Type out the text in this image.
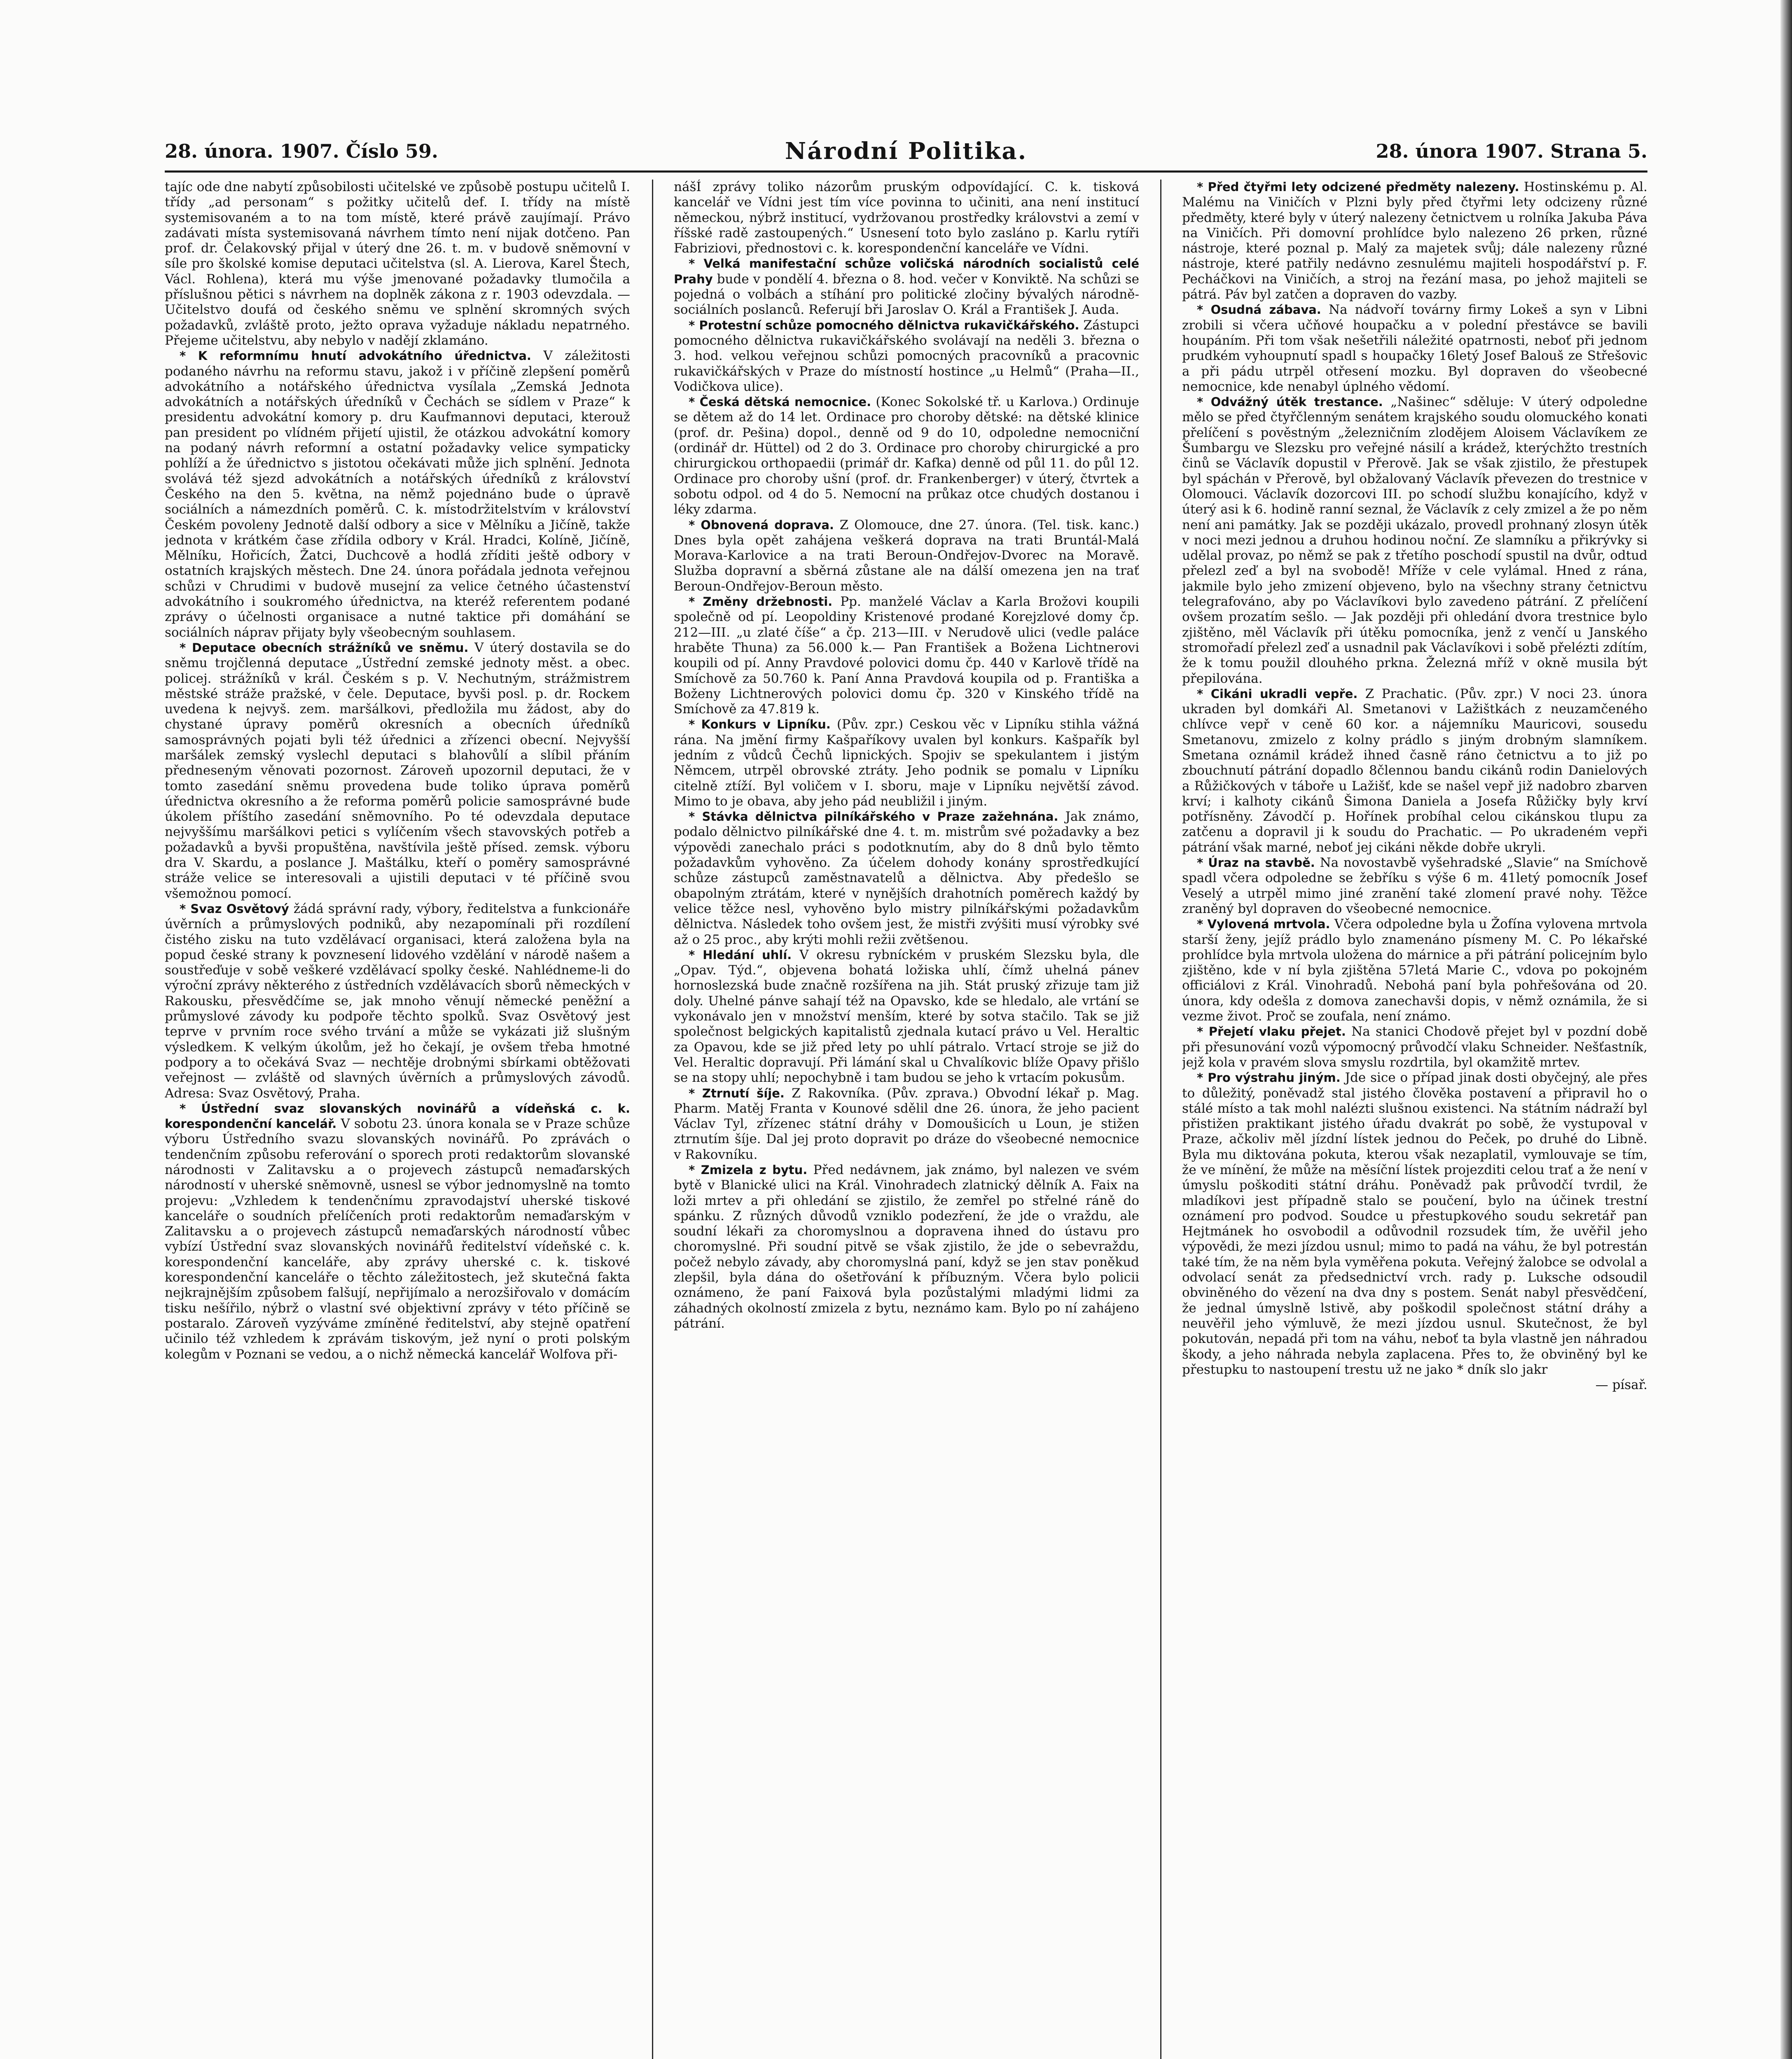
28. února. 1907. Číslo 59.	Národní Politika.	28. února 1907. Strana 5.

tajíc ode dne nabytí způsobilosti učitelské ve způsobě postupu učitelů I. třídy „ad personam“ s požitky učitelů def. I. třídy na místě systemisovaném a to na tom místě, které právě zaujímají. Právo zadávati místa systemisovaná návrhem tímto není nijak dotčeno. Pan prof. dr. Čelakovský přijal v úterý dne 26. t. m. v budově sněmovní v síle pro školské komise deputaci učitelstva (sl. A. Lierova, Karel Štech, Václ. Rohlena), která mu výše jmenované požadavky tlumočila a příslušnou pětici s návrhem na doplněk zákona z r. 1903 odevzdala. — Učitelstvo doufá od českého sněmu ve splnění skromných svých požadavků, zvláště proto, ježto oprava vyžaduje nákladu nepatrného. Přejeme učitelstvu, aby nebylo v nadějí zklamáno.

* K reformnímu hnutí advokátního úřednictva. V záležitosti podaného návrhu na reformu stavu, jakož i v příčině zlepšení poměrů advokátního a notářského úřednictva vysílala „Zemská Jednota advokátních a notářských úředníků v Čechách se sídlem v Praze“ k presidentu advokátní komory p. dru Kaufmannovi deputaci, kterouž pan president po vlídném přijetí ujistil, že otázkou advokátní komory na podaný návrh reformní a ostatní požadavky velice sympaticky pohlíží a že úřednictvo s jistotou očekávati může jich splnění. Jednota svolává též sjezd advokátních a notářských úředníků z království Českého na den 5. května, na němž pojednáno bude o úpravě sociálních a námezdních poměrů. C. k. místodržitelstvím v království Českém povoleny Jednotě další odbory a sice v Mělníku a Jičíně, takže jednota v krátkém čase zřídila odbory v Král. Hradci, Kolíně, Jičíně, Mělníku, Hořicích, Žatci, Duchcově a hodlá zříditi ještě odbory v ostatních krajských městech. Dne 24. února pořádala jednota veřejnou schůzi v Chrudimi v budově musejní za velice četného účastenství advokátního i soukromého úřednictva, na kteréž referentem podané zprávy o účelnosti organisace a nutné taktice při domáhání se sociálních náprav přijaty byly všeobecným souhlasem.

* Deputace obecních strážníků ve sněmu. V úterý dostavila se do sněmu trojčlenná deputace „Ústřední zemské jednoty měst. a obec. policej. strážníků v král. Českém s p. V. Nechutným, strážmistrem městské stráže pražské, v čele. Deputace, byvši posl. p. dr. Rockem uvedena k nejvyš. zem. maršálkovi, předložila mu žádost, aby do chystané úpravy poměrů okresních a obecních úředníků samosprávných pojati byli též úřednici a zřízenci obecní. Nejvyšší maršálek zemský vyslechl deputaci s blahovůlí a slíbil přáním předneseným věnovati pozornost. Zároveň upozornil deputaci, že v tomto zasedání sněmu provedena bude toliko úprava poměrů úřednictva okresního a že reforma poměrů policie samosprávné bude úkolem příštího zasedání sněmovního. Po té odevzdala deputace nejvyššímu maršálkovi petici s vylíčením všech stavovských potřeb a požadavků a byvši propuštěna, navštívila ještě přísed. zemsk. výboru dra V. Skardu, a poslance J. Maštálku, kteří o poměry samosprávné stráže velice se interesovali a ujistili deputaci v té příčině svou všemožnou pomocí.

* Svaz Osvětový žádá správní rady, výbory, ředitelstva a funkcionáře úvěrních a průmyslových podniků, aby nezapomínali při rozdílení čistého zisku na tuto vzdělávací organisaci, která založena byla na popud české strany k povznesení lidového vzdělání v národě našem a soustřeďuje v sobě veškeré vzdělávací spolky české. Nahlédneme-li do výroční zprávy některého z ústředních vzdělávacích sborů německých v Rakousku, přesvědčíme se, jak mnoho věnují německé peněžní a průmyslové závody ku podpoře těchto spolků. Svaz Osvětový jest teprve v prvním roce svého trvání a může se vykázati již slušným výsledkem. K velkým úkolům, jež ho čekají, je ovšem třeba hmotné podpory a to očekává Svaz — nechtěje drobnými sbírkami obtěžovati veřejnost — zvláště od slavných úvěrních a průmyslových závodů. Adresa: Svaz Osvětový, Praha.

* Ústřední svaz slovanských novinářů a vídeňská c. k. korespondenční kancelář. V sobotu 23. února konala se v Praze schůze výboru Ústředního svazu slovanských novinářů. Po zprávách o tendenčním způsobu referování o sporech proti redaktorům slovanské národnosti v Zalitavsku a o projevech zástupců nemaďarských národností v uherské sněmovně, usnesl se výbor jednomyslně na tomto projevu: „Vzhledem k tendenčnímu zpravodajství uherské tiskové kanceláře o soudních přelíčeních proti redaktorům nemaďarským v Zalitavsku a o projevech zástupců nemaďarských národností vůbec vybízí Ústřední svaz slovanských novinářů ředitelství vídeňské c. k. korespondenční kanceláře, aby zprávy uherské c. k. tiskové korespondenční kanceláře o těchto záležitostech, jež skutečná fakta nejkrajnějším způsobem falšují, nepřijímalo a nerozšiřovalo v domácím tisku nešířilo, nýbrž o vlastní své objektivní zprávy v této příčině se postaralo. Zároveň vyzýváme zmíněné ředitelství, aby stejně opatření učinilo též vzhledem k zprávám tiskovým, jež nyní o proti polským kolegům v Poznani se vedou, a o nichž německá kancelář Wolfova při-

nášÍ zprávy toliko názorům pruským odpovídající. C. k. tisková kancelář ve Vídni jest tím více povinna to učiniti, ana není institucí německou, nýbrž institucí, vydržovanou prostředky královstvi a zemí v říšské radě zastoupených.“ Usnesení toto bylo zasláno p. Karlu rytíři Fabriziovi, přednostovi c. k. korespondenční kanceláře ve Vídni.

* Velká manifestační schůze voličská národních socialistů celé Prahy bude v pondělí 4. března o 8. hod. večer v Konviktě. Na schůzi se pojedná o volbách a stíhání pro politické zločiny bývalých národně-sociálních poslanců. Referují bři Jaroslav O. Král a František J. Auda.

* Protestní schůze pomocného dělnictva rukavičkářského. Zástupci pomocného dělnictva rukavičkářského svolávají na neděli 3. března o 3. hod. velkou veřejnou schůzi pomocných pracovníků a pracovnic rukavičkářských v Praze do místností hostince „u Helmů“ (Praha—II., Vodičkova ulice).

* Česká dětská nemocnice. (Konec Sokolské tř. u Karlova.) Ordinuje se dětem až do 14 let. Ordinace pro choroby dětské: na dětské klinice (prof. dr. Pešina) dopol., denně od 9 do 10, odpoledne nemocniční (ordinář dr. Hüttel) od 2 do 3. Ordinace pro choroby chirurgické a pro chirurgickou orthopaedii (primář dr. Kafka) denně od půl 11. do půl 12. Ordinace pro choroby ušní (prof. dr. Frankenberger) v úterý, čtvrtek a sobotu odpol. od 4 do 5. Nemocní na průkaz otce chudých dostanou i léky zdarma.

* Obnovená doprava. Z Olomouce, dne 27. února. (Tel. tisk. kanc.) Dnes byla opět zahájena veškerá doprava na trati Bruntál-Malá Morava-Karlovice a na trati Beroun-Ondřejov-Dvorec na Moravě. Služba dopravní a sběrná zůstane ale na dálší omezena jen na trať Beroun-Ondřejov-Beroun město.

* Změny držebnosti. Pp. manželé Václav a Karla Brožovi koupili společně od pí. Leopoldiny Kristenové prodané Korejzlové domy čp. 212—III. „u zlaté číše“ a čp. 213—III. v Nerudově ulici (vedle paláce hraběte Thuna) za 56.000 k.— Pan František a Božena Lichtnerovi koupili od pí. Anny Pravdové polovici domu čp. 440 v Karlově třídě na Smíchově za 50.760 k. Paní Anna Pravdová koupila od p. Františka a Boženy Lichtnerových polovici domu čp. 320 v Kinského třídě na Smíchově za 47.819 k.

* Konkurs v Lipníku. (Pův. zpr.) Ceskou věc v Lipníku stihla vážná rána. Na jmění firmy Kašpaříkovy uvalen byl konkurs. Kašpařík byl jedním z vůdců Čechů lipnických. Spojiv se spekulantem i jistým Němcem, utrpěl obrovské ztráty. Jeho podnik se pomalu v Lipníku citelně ztíží. Byl voličem v I. sboru, maje v Lipníku největší závod. Mimo to je obava, aby jeho pád neubližil i jiným.

* Stávka dělnictva pilníkářského v Praze zažehnána. Jak známo, podalo dělnictvo pilníkářské dne 4. t. m. mistrům své požadavky a bez výpovědi zanechalo práci s podotknutím, aby do 8 dnů bylo těmto požadavkům vyhověno. Za účelem dohody konány sprostředkující schůze zástupců zaměstnavatelů a dělnictva. Aby předešlo se obapolným ztrátám, které v nynějších drahotních poměrech každý by velice těžce nesl, vyhověno bylo mistry pilníkářskými požadavkům dělnictva. Následek toho ovšem jest, že mistři zvýšiti musí výrobky své až o 25 proc., aby krýti mohli režii zvětšenou.

* Hledání uhlí. V okresu rybníckém v pruském Slezsku byla, dle „Opav. Týd.“, objevena bohatá ložiska uhlí, čímž uhelná pánev hornoslezská bude značně rozšířena na jih. Stát pruský zřizuje tam již doly. Uhelné pánve sahají též na Opavsko, kde se hledalo, ale vrtání se vykonávalo jen v množství menším, které by sotva stačilo. Tak se již společnost belgických kapitalistů zjednala kutací právo u Vel. Heraltic za Opavou, kde se již před lety po uhlí pátralo. Vrtací stroje se již do Vel. Heraltic dopravují. Při lámání skal u Chvalíkovic blíže Opavy přišlo se na stopy uhlí; nepochybně i tam budou se jeho k vrtacím pokusům.

* Ztrnutí šíje. Z Rakovníka. (Pův. zprava.) Obvodní lékař p. Mag. Pharm. Matěj Franta v Kounové sdělil dne 26. února, že jeho pacient Václav Tyl, zřízenec státní dráhy v Domoušicích u Loun, je stižen ztrnutím šíje. Dal jej proto dopravit po dráze do všeobecné nemocnice v Rakovníku.

* Zmizela z bytu. Před nedávnem, jak známo, byl nalezen ve svém bytě v Blanické ulici na Král. Vinohradech zlatnický dělník A. Faix na loži mrtev a při ohledání se zjistilo, že zemřel po střelné ráně do spánku. Z různých důvodů vzniklo podezření, že jde o vraždu, ale soudní lékaři za choromyslnou a dopravena ihned do ústavu pro choromyslné. Při soudní pitvě se však zjistilo, že jde o sebevraždu, počež nebylo závady, aby choromyslná paní, když se jen stav poněkud zlepšil, byla dána do ošetřování k příbuzným. Včera bylo policii oznámeno, že paní Faixová byla pozůstalými mladými lidmi za záhadných okolností zmizela z bytu, neznámo kam. Bylo po ní zahájeno pátrání.

* Před čtyřmi lety odcizené předměty nalezeny. Hostinskému p. Al. Malému na Viničích v Plzni byly před čtyřmi lety odcizeny různé předměty, které byly v úterý nalezeny četnictvem u rolníka Jakuba Páva na Viničích. Při domovní prohlídce bylo nalezeno 26 prken, různé nástroje, které poznal p. Malý za majetek svůj; dále nalezeny různé nástroje, které patřily nedávno zesnulému majiteli hospodářství p. F. Pecháčkovi na Viničích, a stroj na řezání masa, po jehož majiteli se pátrá. Páv byl zatčen a dopraven do vazby.

* Osudná zábava. Na nádvoří továrny firmy Lokeš a syn v Libni zrobili si včera učňové houpačku a v polední přestávce se bavili houpáním. Při tom však nešetřili náležité opatrnosti, neboť při jednom prudkém vyhoupnutí spadl s houpačky 16letý Josef Balouš ze Střešovic a při pádu utrpěl otřesení mozku. Byl dopraven do všeobecné nemocnice, kde nenabyl úplného vědomí.

* Odvážný útěk trestance. „Našinec“ sděluje: V úterý odpoledne mělo se před čtyřčlenným senátem krajského soudu olomuckého konati přelíčení s pověstným „železničním zlodějem Aloisem Václavíkem ze Šumbargu ve Slezsku pro veřejné násilí a krádež, kterýchžto trestních činů se Václavík dopustil v Přerově. Jak se však zjistilo, že přestupek byl spáchán v Přerově, byl obžalovaný Václavík převezen do trestnice v Olomouci. Václavík dozorcovi III. po schodí službu konajícího, když v úterý asi k 6. hodině ranní seznal, že Václavík z cely zmizel a že po něm není ani památky. Jak se později ukázalo, provedl prohnaný zlosyn útěk v noci mezi jednou a druhou hodinou noční. Ze slamníku a přikrývky si udělal provaz, po němž se pak z třetího poschodí spustil na dvůr, odtud přelezl zeď a byl na svobodě! Mříže v cele vylámal. Hned z rána, jakmile bylo jeho zmizení objeveno, bylo na všechny strany četnictvu telegrafováno, aby po Václavíkovi bylo zavedeno pátrání. Z přelíčení ovšem prozatím sešlo. — Jak později při ohledání dvora trestnice bylo zjištěno, měl Václavík při útěku pomocníka, jenž z venčí u Janského stromořadí přelezl zeď a usnadnil pak Václavíkovi i sobě přelézti zdítím, že k tomu použil dlouhého prkna. Železná mříž v okně musila být přepilována.

* Cikáni ukradli vepře. Z Prachatic. (Pův. zpr.) V noci 23. února ukraden byl domkáři Al. Smetanovi v Lažištkách z neuzamčeného chlívce vepř v ceně 60 kor. a nájemníku Mauricovi, sousedu Smetanovu, zmizelo z kolny prádlo s jiným drobným slamníkem. Smetana oznámil krádež ihned časně ráno četnictvu a to již po zbouchnutí pátrání dopadlo 8člennou bandu cikánů rodin Danielových a Růžičkových v táboře u Lažišť, kde se našel vepř již nadobro zbarven krví; i kalhoty cikánů Šimona Daniela a Josefa Růžičky byly krví potřísněny. Závodčí p. Hořínek probíhal celou cikánskou tlupu za zatčenu a dopravil ji k soudu do Prachatic. — Po ukradeném vepři pátrání však marné, neboť jej cikáni někde dobře ukryli.

* Úraz na stavbě. Na novostavbě vyšehradské „Slavie“ na Smíchově spadl včera odpoledne se žebříku s výše 6 m. 41letý pomocník Josef Veselý a utrpěl mimo jiné zranění také zlomení pravé nohy. Těžce zraněný byl dopraven do všeobecné nemocnice.

* Vylovená mrtvola. Včera odpoledne byla u Žofína vylovena mrtvola starší ženy, jejíž prádlo bylo znamenáno písmeny M. C. Po lékařské prohlídce byla mrtvola uložena do márnice a při pátrání policejním bylo zjištěno, kde v ní byla zjištěna 57letá Marie C., vdova po pokojném officiálovi z Král. Vinohradů. Nebohá paní byla pohřešována od 20. února, kdy odešla z domova zanechavši dopis, v němž oznámila, že si vezme život. Proč se zoufala, není známo.

* Přejetí vlaku přejet. Na stanici Chodově přejet byl v pozdní době při přesunování vozů výpomocný průvodčí vlaku Schneider. Nešťastník, jejž kola v pravém slova smyslu rozdrtila, byl okamžitě mrtev.

* Pro výstrahu jiným. Jde sice o případ jinak dosti obyčejný, ale přes to důležitý, poněvadž stal jistého člověka postavení a připravil ho o stálé místo a tak mohl nalézti slušnou existenci. Na státním nádraží byl přistižen praktikant jistého úřadu dvakrát po sobě, že vystupoval v Praze, ačkoliv měl jízdní lístek jednou do Peček, po druhé do Libně. Byla mu diktována pokuta, kterou však nezaplatil, vymlouvaje se tím, že ve mínění, že může na měsíční lístek projezditi celou trať a že není v úmyslu poškoditi státní dráhu. Poněvadž pak průvodčí tvrdil, že mladíkovi jest případně stalo se poučení, bylo na účinek trestní oznámení pro podvod. Soudce u přestupkového soudu sekretář pan Hejtmánek ho osvobodil a odůvodnil rozsudek tím, že uvěřil jeho výpovědi, že mezi jízdou usnul; mimo to padá na váhu, že byl potrestán také tím, že na něm byla vyměřena pokuta. Veřejný žalobce se odvolal a odvolací senát za předsednictví vrch. rady p. Luksche odsoudil obviněného do vězení na dva dny s postem. Senát nabyl přesvědčení, že jednal úmyslně lstivě, aby poškodil společnost státní dráhy a neuvěřil jeho výmluvě, že mezi jízdou usnul. Skutečnost, že byl pokutován, nepadá při tom na váhu, neboť ta byla vlastně jen náhradou škody, a jeho náhrada nebyla zaplacena. Přes to, že obviněný byl ke přestupku to nastoupení trestu už ne jako * dník slo jakr

— písař.
